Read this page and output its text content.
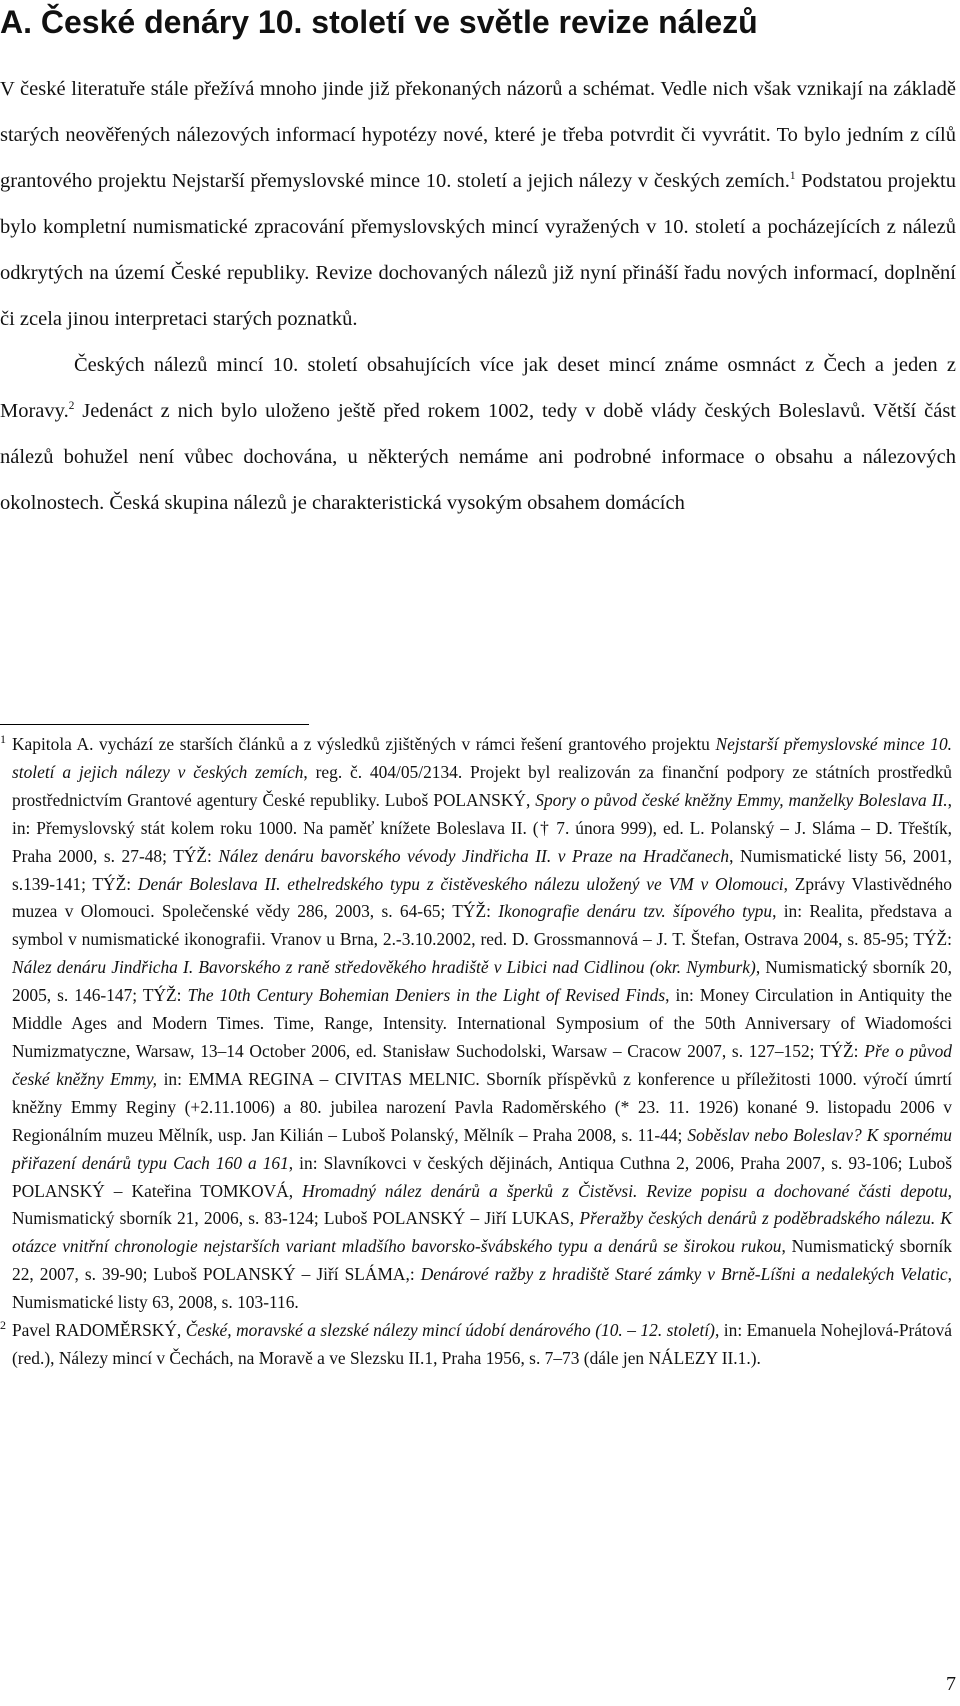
A. České denáry 10. století ve světle revize nálezů

V české literatuře stále přežívá mnoho jinde již překonaných názorů a schémat. Vedle nich však vznikají na základě starých neověřených nálezových informací hypotézy nové, které je třeba potvrdit či vyvrátit. To bylo jedním z cílů grantového projektu Nejstarší přemyslovské mince 10. století a jejich nálezy v českých zemích.$^1$ Podstatou projektu bylo kompletní numismatické zpracování přemyslovských mincí vyražených v 10. století a pocházejících z nálezů odkrytých na území České republiky. Revize dochovaných nálezů již nyní přináší řadu nových informací, doplnění či zcela jinou interpretaci starých poznatků.

Českých nálezů mincí 10. století obsahujících více jak deset mincí známe osmnáct z Čech a jeden z Moravy.$^2$ Jedenáct z nich bylo uloženo ještě před rokem 1002, tedy v době vlády českých Boleslavů. Větší část nálezů bohužel není vůbec dochována, u některých nemáme ani podrobné informace o obsahu a nálezových okolnostech. Česká skupina nálezů je charakteristická vysokým obsahem domácích

1 Kapitola A. vychází ze starších článků a z výsledků zjištěných v rámci řešení grantového projektu Nejstarší přemyslovské mince 10. století a jejich nálezy v českých zemích, reg. č. 404/05/2134. Projekt byl realizován za finanční podpory ze státních prostředků prostřednictvím Grantové agentury České republiky. Luboš POLANSKÝ, Spory o původ české kněžny Emmy, manželky Boleslava II., in: Přemyslovský stát kolem roku 1000. Na paměť knížete Boleslava II. († 7. února 999), ed. L. Polanský – J. Sláma – D. Třeštík, Praha 2000, s. 27-48; TÝŽ: Nález denáru bavorského vévody Jindřicha II. v Praze na Hradčanech, Numismatické listy 56, 2001, s.139-141; TÝŽ: Denár Boleslava II. ethelredského typu z čistěveského nálezu uložený ve VM v Olomouci, Zprávy Vlastivědného muzea v Olomouci. Společenské vědy 286, 2003, s. 64-65; TÝŽ: Ikonografie denáru tzv. šípového typu, in: Realita, představa a symbol v numismatické ikonografii. Vranov u Brna, 2.-3.10.2002, red. D. Grossmannová – J. T. Štefan, Ostrava 2004, s. 85-95; TÝŽ: Nález denáru Jindřicha I. Bavorského z raně středověkého hradiště v Libici nad Cidlinou (okr. Nymburk), Numismatický sborník 20, 2005, s. 146-147; TÝŽ: The 10th Century Bohemian Deniers in the Light of Revised Finds, in: Money Circulation in Antiquity the Middle Ages and Modern Times. Time, Range, Intensity. International Symposium of the 50th Anniversary of Wiadomości Numizmatyczne, Warsaw, 13–14 October 2006, ed. Stanisław Suchodolski, Warsaw – Cracow 2007, s. 127–152; TÝŽ: Pře o původ české kněžny Emmy, in: EMMA REGINA – CIVITAS MELNIC. Sborník příspěvků z konference u příležitosti 1000. výročí úmrtí kněžny Emmy Reginy (+2.11.1006) a 80. jubilea narození Pavla Radoměrského (* 23. 11. 1926) konané 9. listopadu 2006 v Regionálním muzeu Mělník, usp. Jan Kilián – Luboš Polanský, Mělník – Praha 2008, s. 11-44; Soběslav nebo Boleslav? K spornému přiřazení denárů typu Cach 160 a 161, in: Slavníkovci v českých dějinách, Antiqua Cuthna 2, 2006, Praha 2007, s. 93-106; Luboš POLANSKÝ – Kateřina TOMKOVÁ, Hromadný nález denárů a šperků z Čistěvsi. Revize popisu a dochované části depotu, Numismatický sborník 21, 2006, s. 83-124; Luboš POLANSKÝ – Jiří LUKAS, Přeražby českých denárů z poděbradského nálezu. K otázce vnitřní chronologie nejstarších variant mladšího bavorsko-švábského typu a denárů se širokou rukou, Numismatický sborník 22, 2007, s. 39-90; Luboš POLANSKÝ – Jiří SLÁMA,: Denárové ražby z hradiště Staré zámky v Brně-Líšni a nedalekých Velatic, Numismatické listy 63, 2008, s. 103-116.

2 Pavel RADOMĚRSKÝ, České, moravské a slezské nálezy mincí údobí denárového (10. – 12. století), in: Emanuela Nohejlová-Prátová (red.), Nálezy mincí v Čechách, na Moravě a ve Slezsku II.1, Praha 1956, s. 7–73 (dále jen NÁLEZY II.1.).

7
